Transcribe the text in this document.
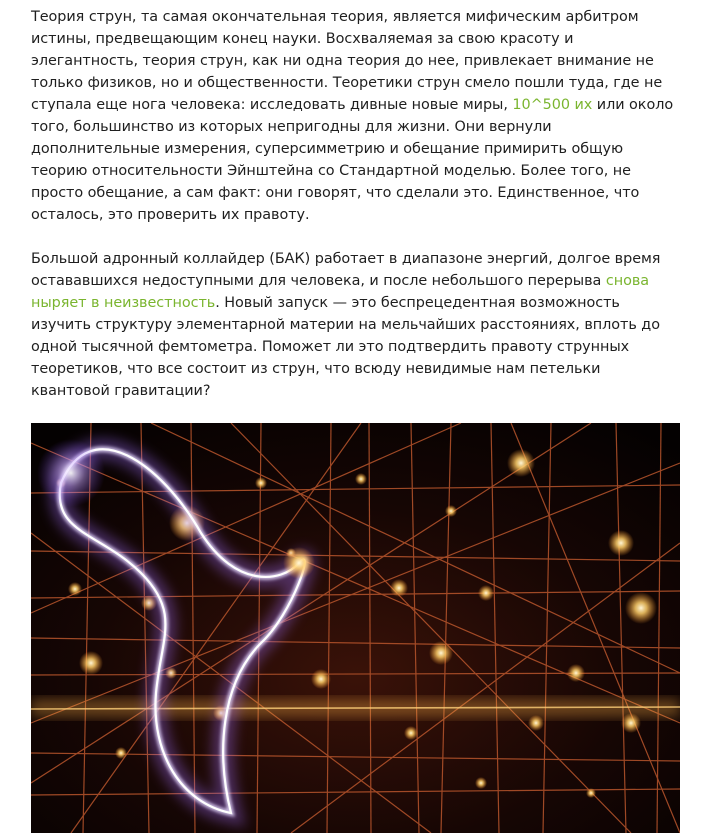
Теория струн, та самая окончательная теория, является мифическим арбитром истины, предвещающим конец науки. Восхваляемая за свою красоту и элегантность, теория струн, как ни одна теория до нее, привлекает внимание не только физиков, но и общественности. Теоретики струн смело пошли туда, где не ступала еще нога человека: исследовать дивные новые миры, 10^500 их или около того, большинство из которых непригодны для жизни. Они вернули дополнительные измерения, суперсимметрию и обещание примирить общую теорию относительности Эйнштейна со Стандартной моделью. Более того, не просто обещание, а сам факт: они говорят, что сделали это. Единственное, что осталось, это проверить их правоту.

Большой адронный коллайдер (БАК) работает в диапазоне энергий, долгое время остававшихся недоступными для человека, и после небольшого перерыва снова ныряет в неизвестность. Новый запуск — это беспрецедентная возможность изучить структуру элементарной материи на мельчайших расстояниях, вплоть до одной тысячной фемтометра. Поможет ли это подтвердить правоту струнных теоретиков, что все состоит из струн, что всюду невидимые нам петельки квантовой гравитации?
